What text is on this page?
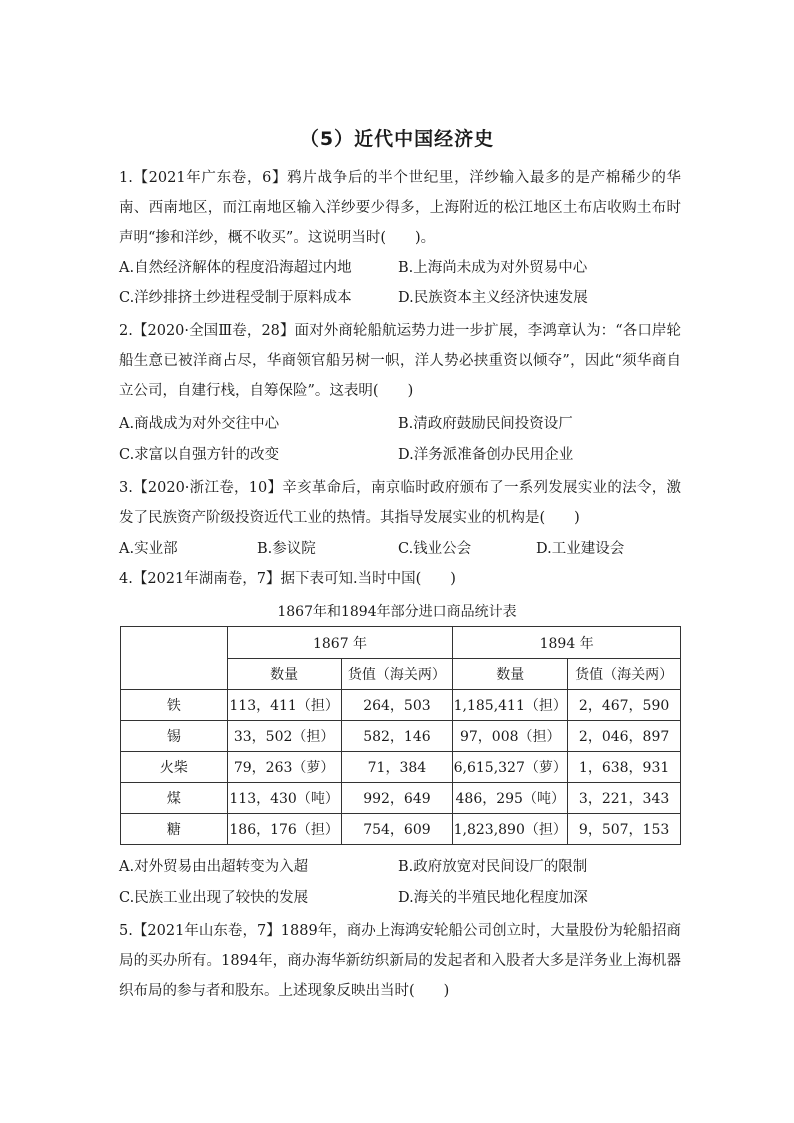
（5）近代中国经济史
1.【2021年广东卷，6】鸦片战争后的半个世纪里，洋纱输入最多的是产棉稀少的华南、西南地区，而江南地区输入洋纱要少得多，上海附近的松江地区土布店收购土布时声明“掺和洋纱，概不收买”。这说明当时(　　)。
A.自然经济解体的程度沿海超过内地	B.上海尚未成为对外贸易中心
C.洋纱排挤土纱进程受制于原料成本	D.民族资本主义经济快速发展
2.【2020·全国Ⅲ卷，28】面对外商轮船航运势力进一步扩展，李鸿章认为：“各口岸轮船生意已被洋商占尽，华商领官船另树一帜，洋人势必挟重资以倾夺”，因此“须华商自立公司，自建行栈，自筹保险”。这表明(　　)
A.商战成为对外交往中心	B.清政府鼓励民间投资设厂
C.求富以自强方针的改变	D.洋务派准备创办民用企业
3.【2020·浙江卷，10】辛亥革命后，南京临时政府颁布了一系列发展实业的法令，激发了民族资产阶级投资近代工业的热情。其指导发展实业的机构是(　　)
A.实业部	B.参议院	C.钱业公会	D.工业建设会
4.【2021年湖南卷，7】据下表可知.当时中国(　　)
1867年和1894年部分进口商品统计表
	1867 年		1894 年	
	数量	货值（海关两）	数量	货值（海关两）
铁	113，411（担）	264，503	1,185,411（担）	2，467，590
锡	33，502（担）	582，146	97，008（担）	2，046，897
火柴	79，263（萝）	71，384	6,615,327（萝）	1，638，931
煤	113，430（吨）	992，649	486，295（吨）	3，221，343
糖	186，176（担）	754，609	1,823,890（担）	9，507，153
A.对外贸易由出超转变为入超	B.政府放宽对民间设厂的限制
C.民族工业出现了较快的发展	D.海关的半殖民地化程度加深
5.【2021年山东卷，7】1889年，商办上海鸿安轮船公司创立时，大量股份为轮船招商局的买办所有。1894年，商办海华新纺织新局的发起者和入股者大多是洋务业上海机器织布局的参与者和股东。上述现象反映出当时(　　)
